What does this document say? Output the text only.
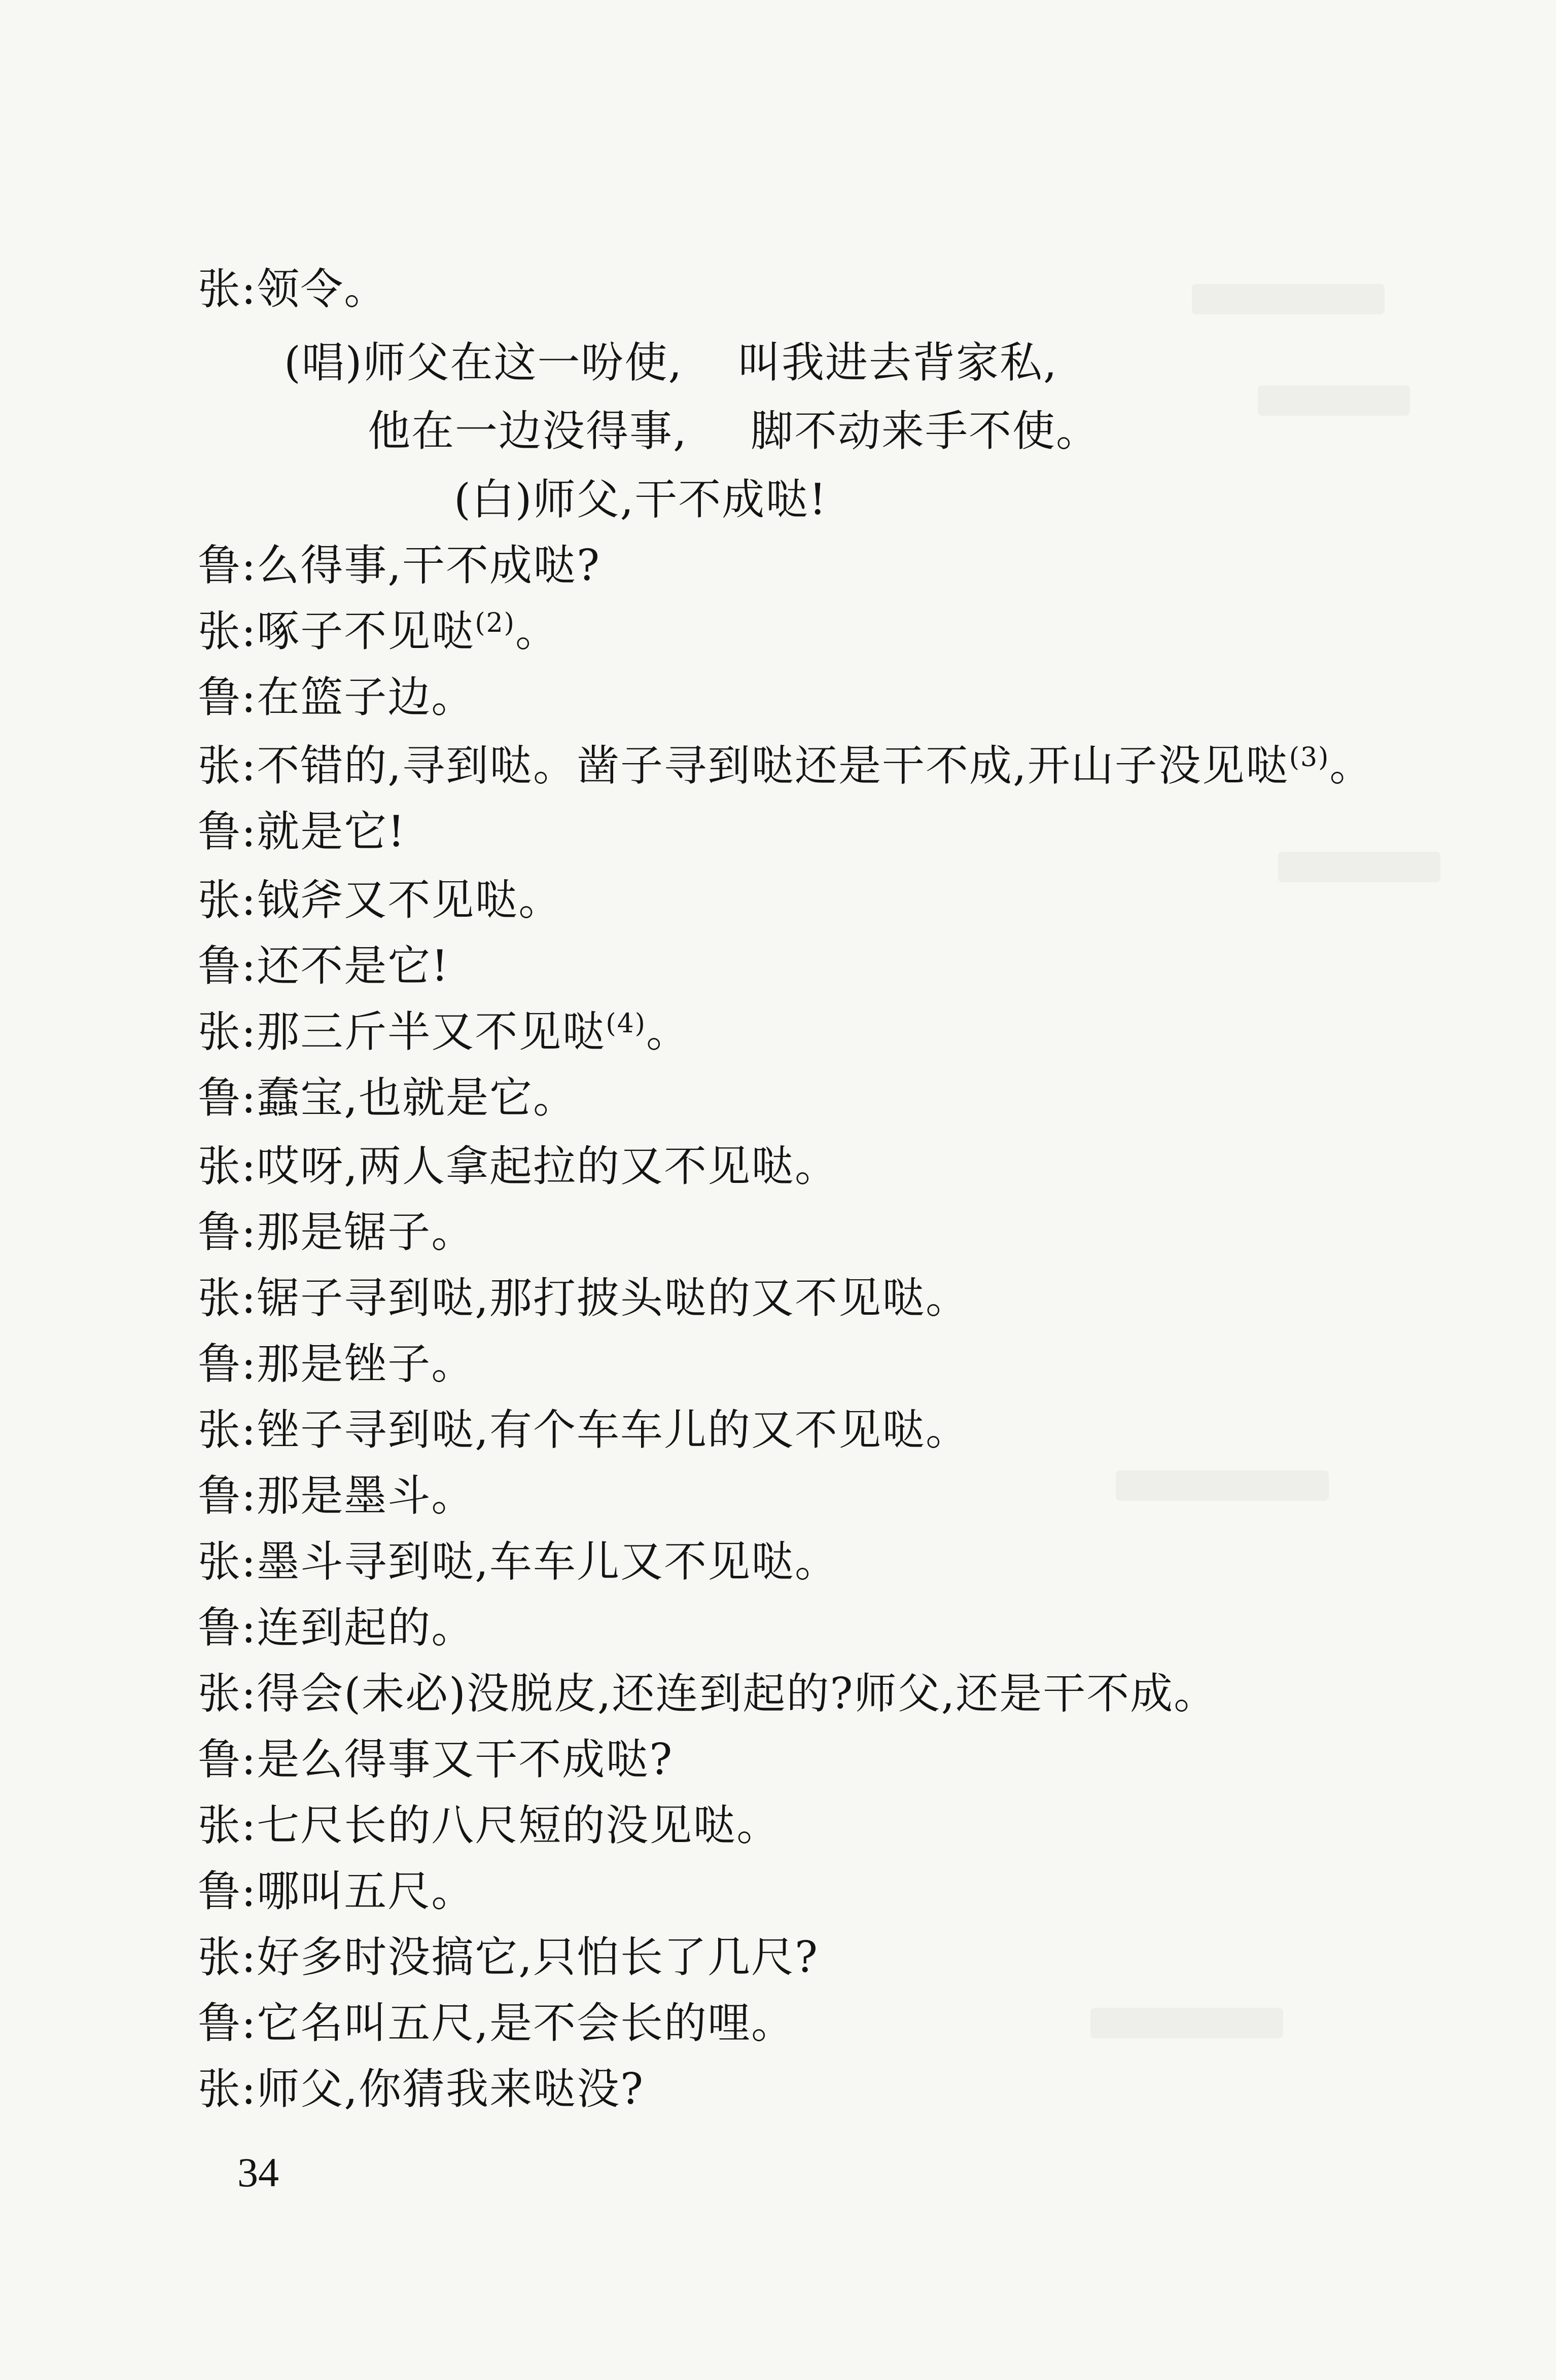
张:领令。
(唱)师父在这一吩使, 叫我进去背家私,
他在一边没得事, 脚不动来手不使。
(白)师父,干不成哒!
鲁:么得事,干不成哒?
张:啄子不见哒$^{(2)}$。
鲁:在篮子边。
张:不错的,寻到哒。凿子寻到哒还是干不成,开山子没见哒$^{(3)}$。
鲁:就是它!
张:钺斧又不见哒。
鲁:还不是它!
张:那三斤半又不见哒$^{(4)}$。
鲁:蠢宝,也就是它。
张:哎呀,两人拿起拉的又不见哒。
鲁:那是锯子。
张:锯子寻到哒,那打披头哒的又不见哒。
鲁:那是锉子。
张:锉子寻到哒,有个车车儿的又不见哒。
鲁:那是墨斗。
张:墨斗寻到哒,车车儿又不见哒。
鲁:连到起的。
张:得会(未必)没脱皮,还连到起的?师父,还是干不成。
鲁:是么得事又干不成哒?
张:七尺长的八尺短的没见哒。
鲁:哪叫五尺。
张:好多时没搞它,只怕长了几尺?
鲁:它名叫五尺,是不会长的哩。
张:师父,你猜我来哒没?
34
